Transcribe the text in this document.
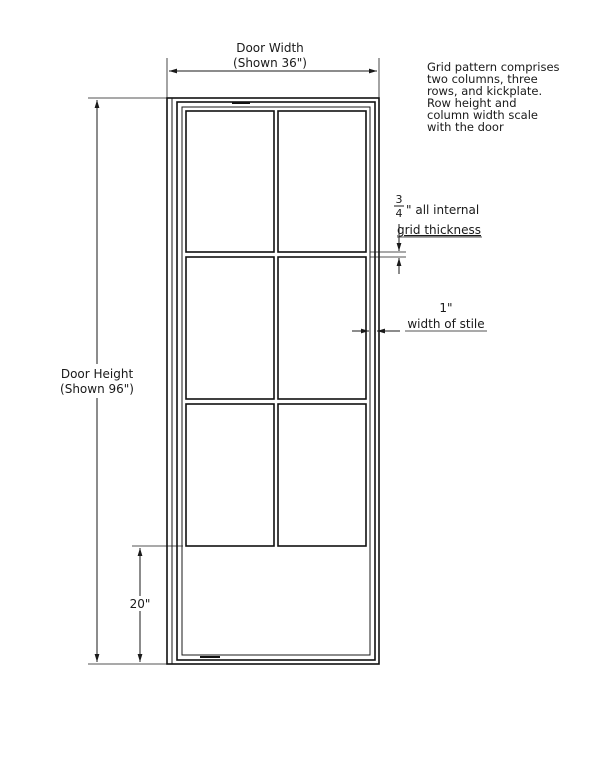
Door Width
(Shown 36")
Door Height
(Shown 96")
20"
Grid pattern comprises
two columns, three
rows, and kickplate.
Row height and
column width scale
with the door
3
4 " all internal
grid thickness
1"
width of stile
